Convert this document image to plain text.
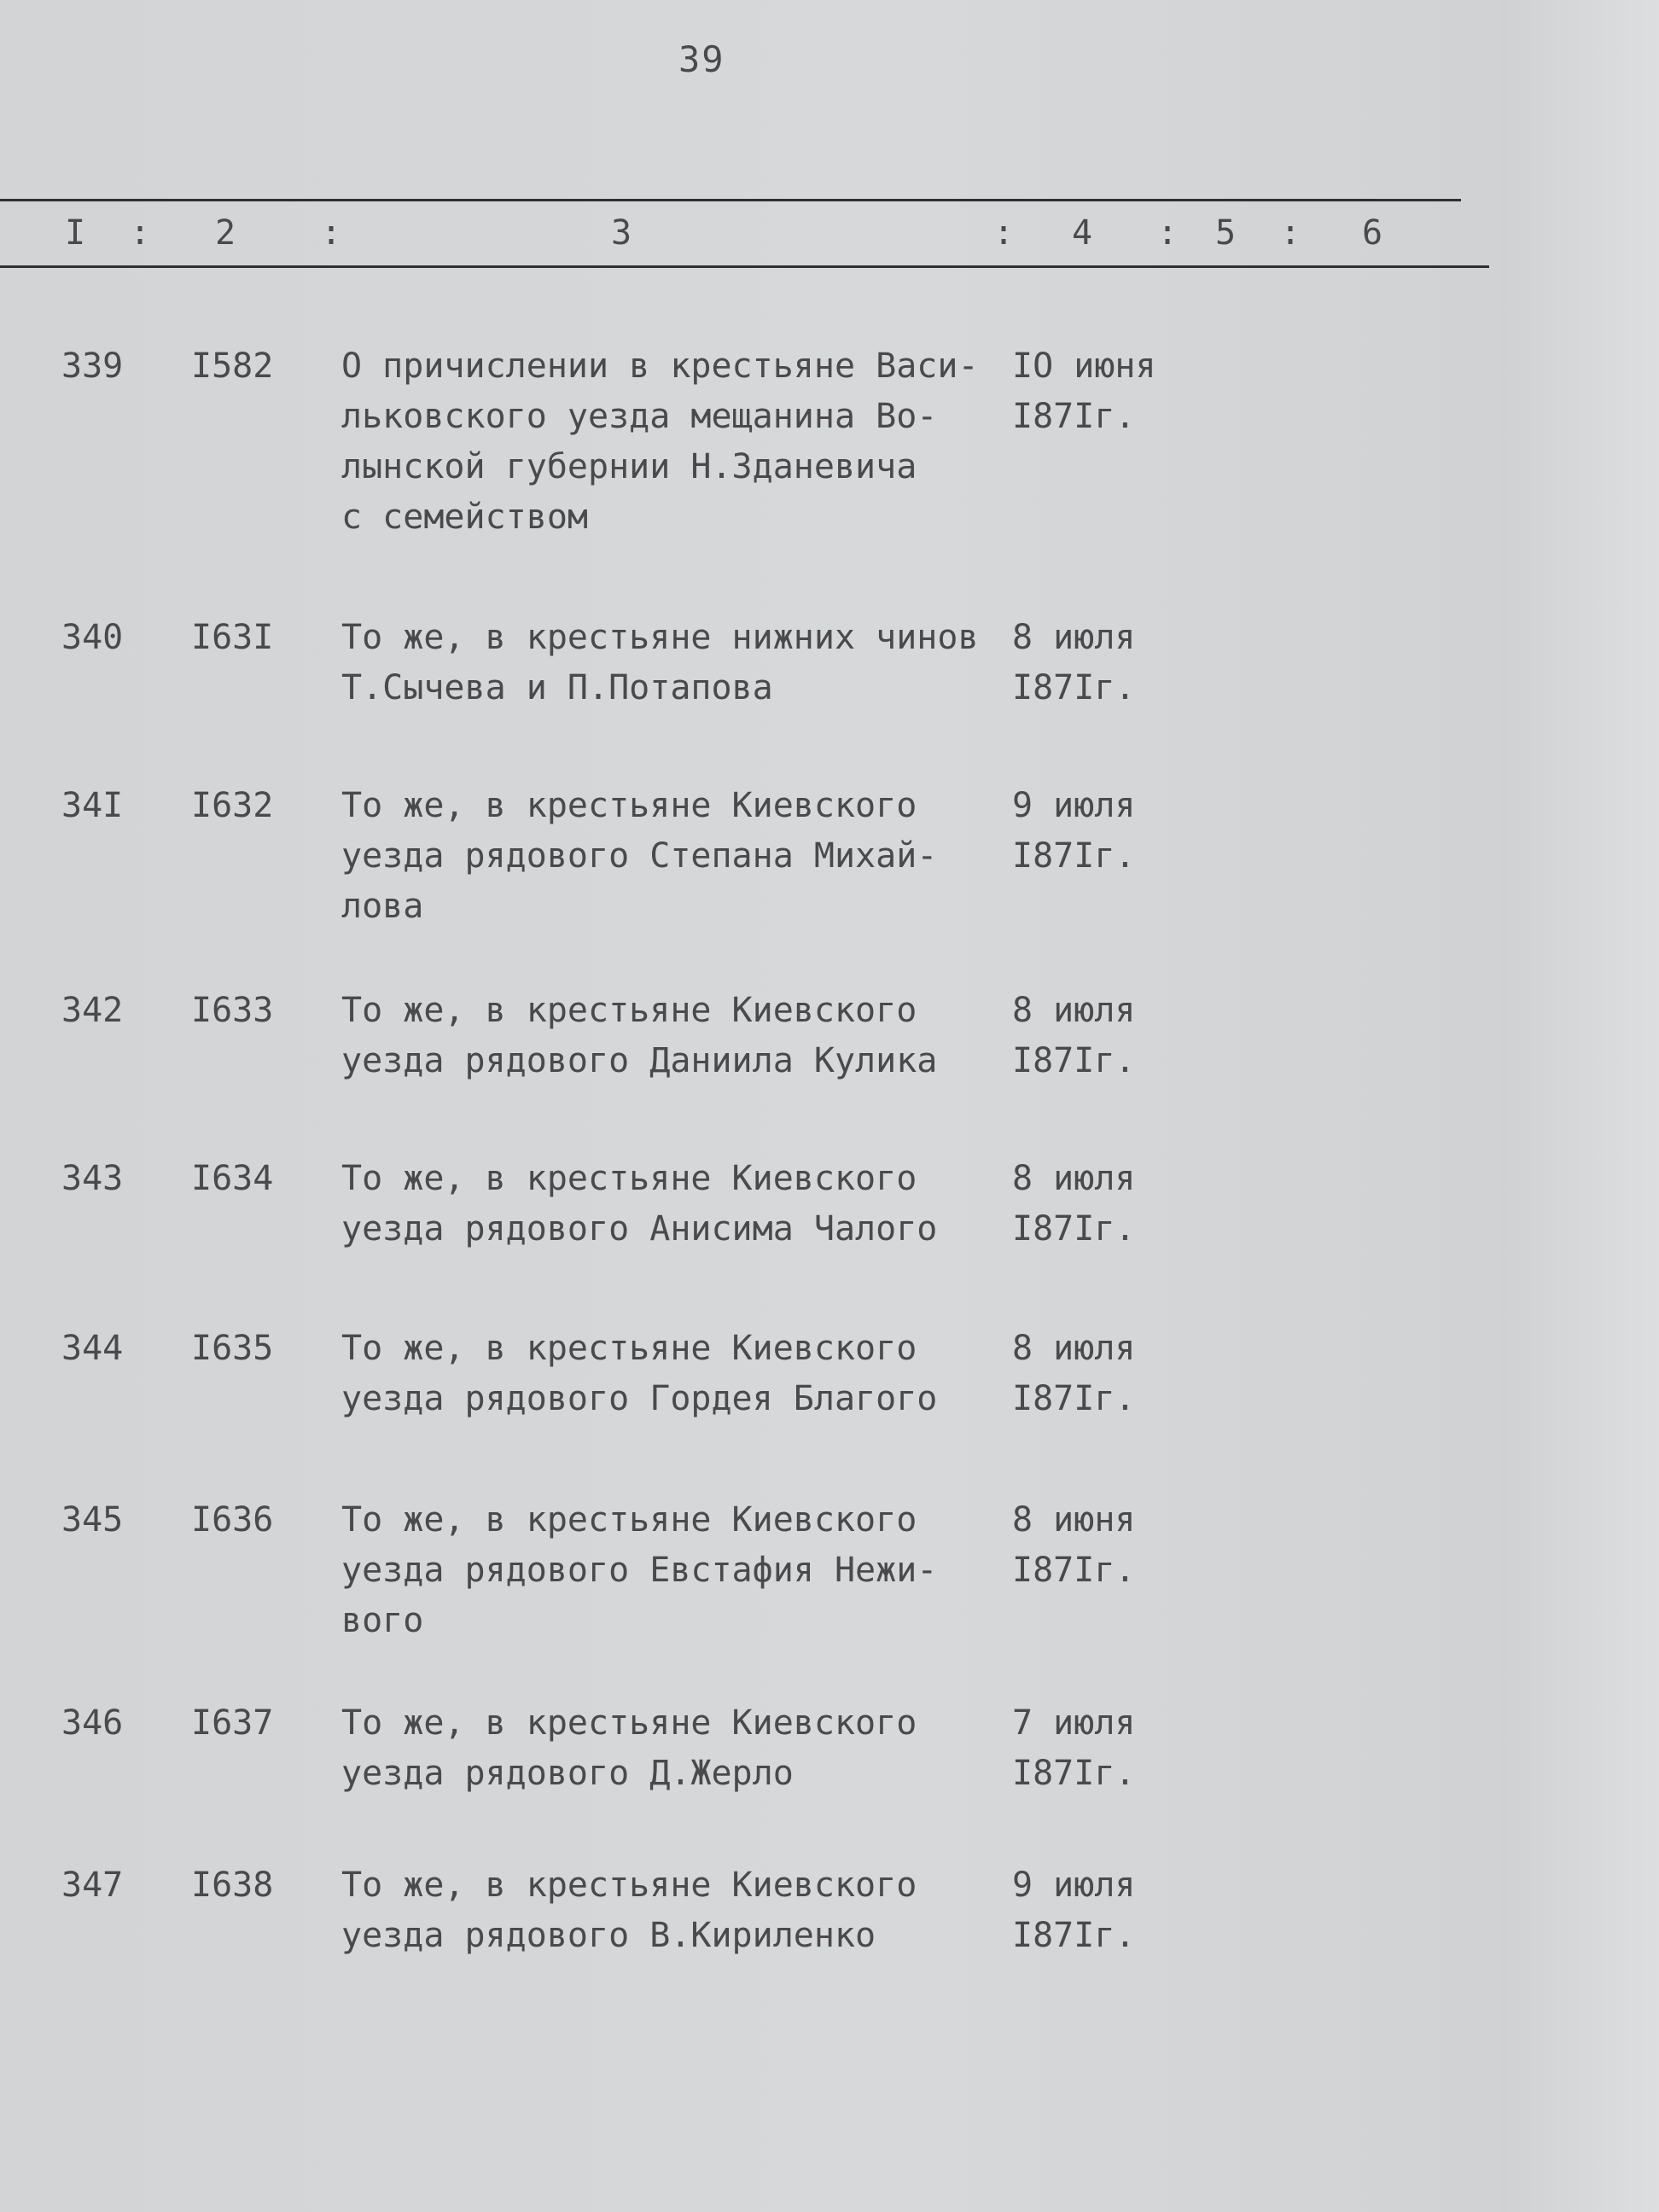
39
I : 2 :	3	: 4 : 5 : 6
339 I582 О причислении в крестьяне Васи-
льковского уезда мещанина Во-
лынской губернии Н.Зданевича
с семейством
IO июня
I87Iг.
340 I63I То же, в крестьяне нижних чинов
Т.Сычева и П.Потапова
8 июля
I87Iг.
34I I632 То же, в крестьяне Киевского
уезда рядового Степана Михай-
лова
9 июля
I87Iг.
342 I633 То же, в крестьяне Киевского
уезда рядового Даниила Кулика
8 июля
I87Iг.
343 I634 То же, в крестьяне Киевского
уезда рядового Анисима Чалого
8 июля
I87Iг.
344 I635 То же, в крестьяне Киевского
уезда рядового Гордея Благого
8 июля
I87Iг.
345 I636 То же, в крестьяне Киевского
уезда рядового Евстафия Нежи-
вого
8 июня
I87Iг.
346 I637 То же, в крестьяне Киевского
уезда рядового Д.Жерло
7 июля
I87Iг.
347 I638 То же, в крестьяне Киевского
уезда рядового В.Кириленко
9 июля
I87Iг.
